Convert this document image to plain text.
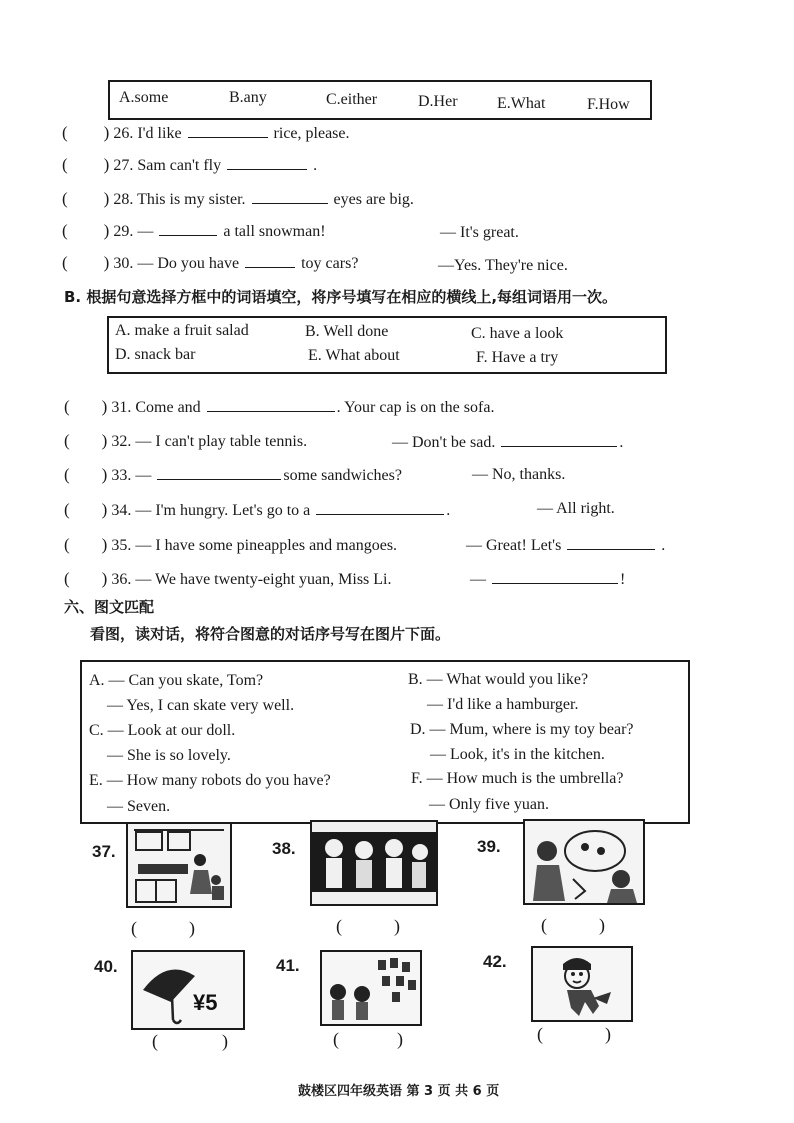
A.some	B.any	C.either	D.Her E.What	F.How
( ) 26. I'd like	rice, please.
( ) 27. Sam can't fly	.
( ) 28. This is my sister.	eyes are big.
( ) 29. —	a tall snowman!	— It's great.
( ) 30. — Do you have	toy cars?	—Yes. They're nice.
B. 根据句意选择方框中的词语填空，将序号填写在相应的横线上,每组词语用一次。
A. make a fruit salad	B. Well done	C. have a look
D. snack bar	E. What about	F. Have a try
( ) 31. Come and	. Your cap is on the sofa.
( ) 32. — I can't play table tennis.	— Don't be sad.	.
( ) 33. —	some sandwiches?	— No, thanks.
( ) 34. — I'm hungry. Let's go to a	.	— All right.
( ) 35. — I have some pineapples and mangoes.	— Great! Let's	.
( ) 36. — We have twenty-eight yuan, Miss Li.	—	!
六、图文匹配
看图，读对话，将符合图意的对话序号写在图片下面。
A. — Can you skate, Tom?
— Yes, I can skate very well.
B. — What would you like?
— I'd like a hamburger.
C. — Look at our doll.
— She is so lovely.
D. — Mum, where is my toy bear?
— Look, it's in the kitchen.
E. — How many robots do you have?
— Seven.
F. — How much is the umbrella?
— Only five yuan.
37.	38.	39.
(	)	(	)	(	)
40.
¥5
41.	42.
(	)	(	)	(	)
鼓楼区四年级英语 第 3 页 共 6 页
